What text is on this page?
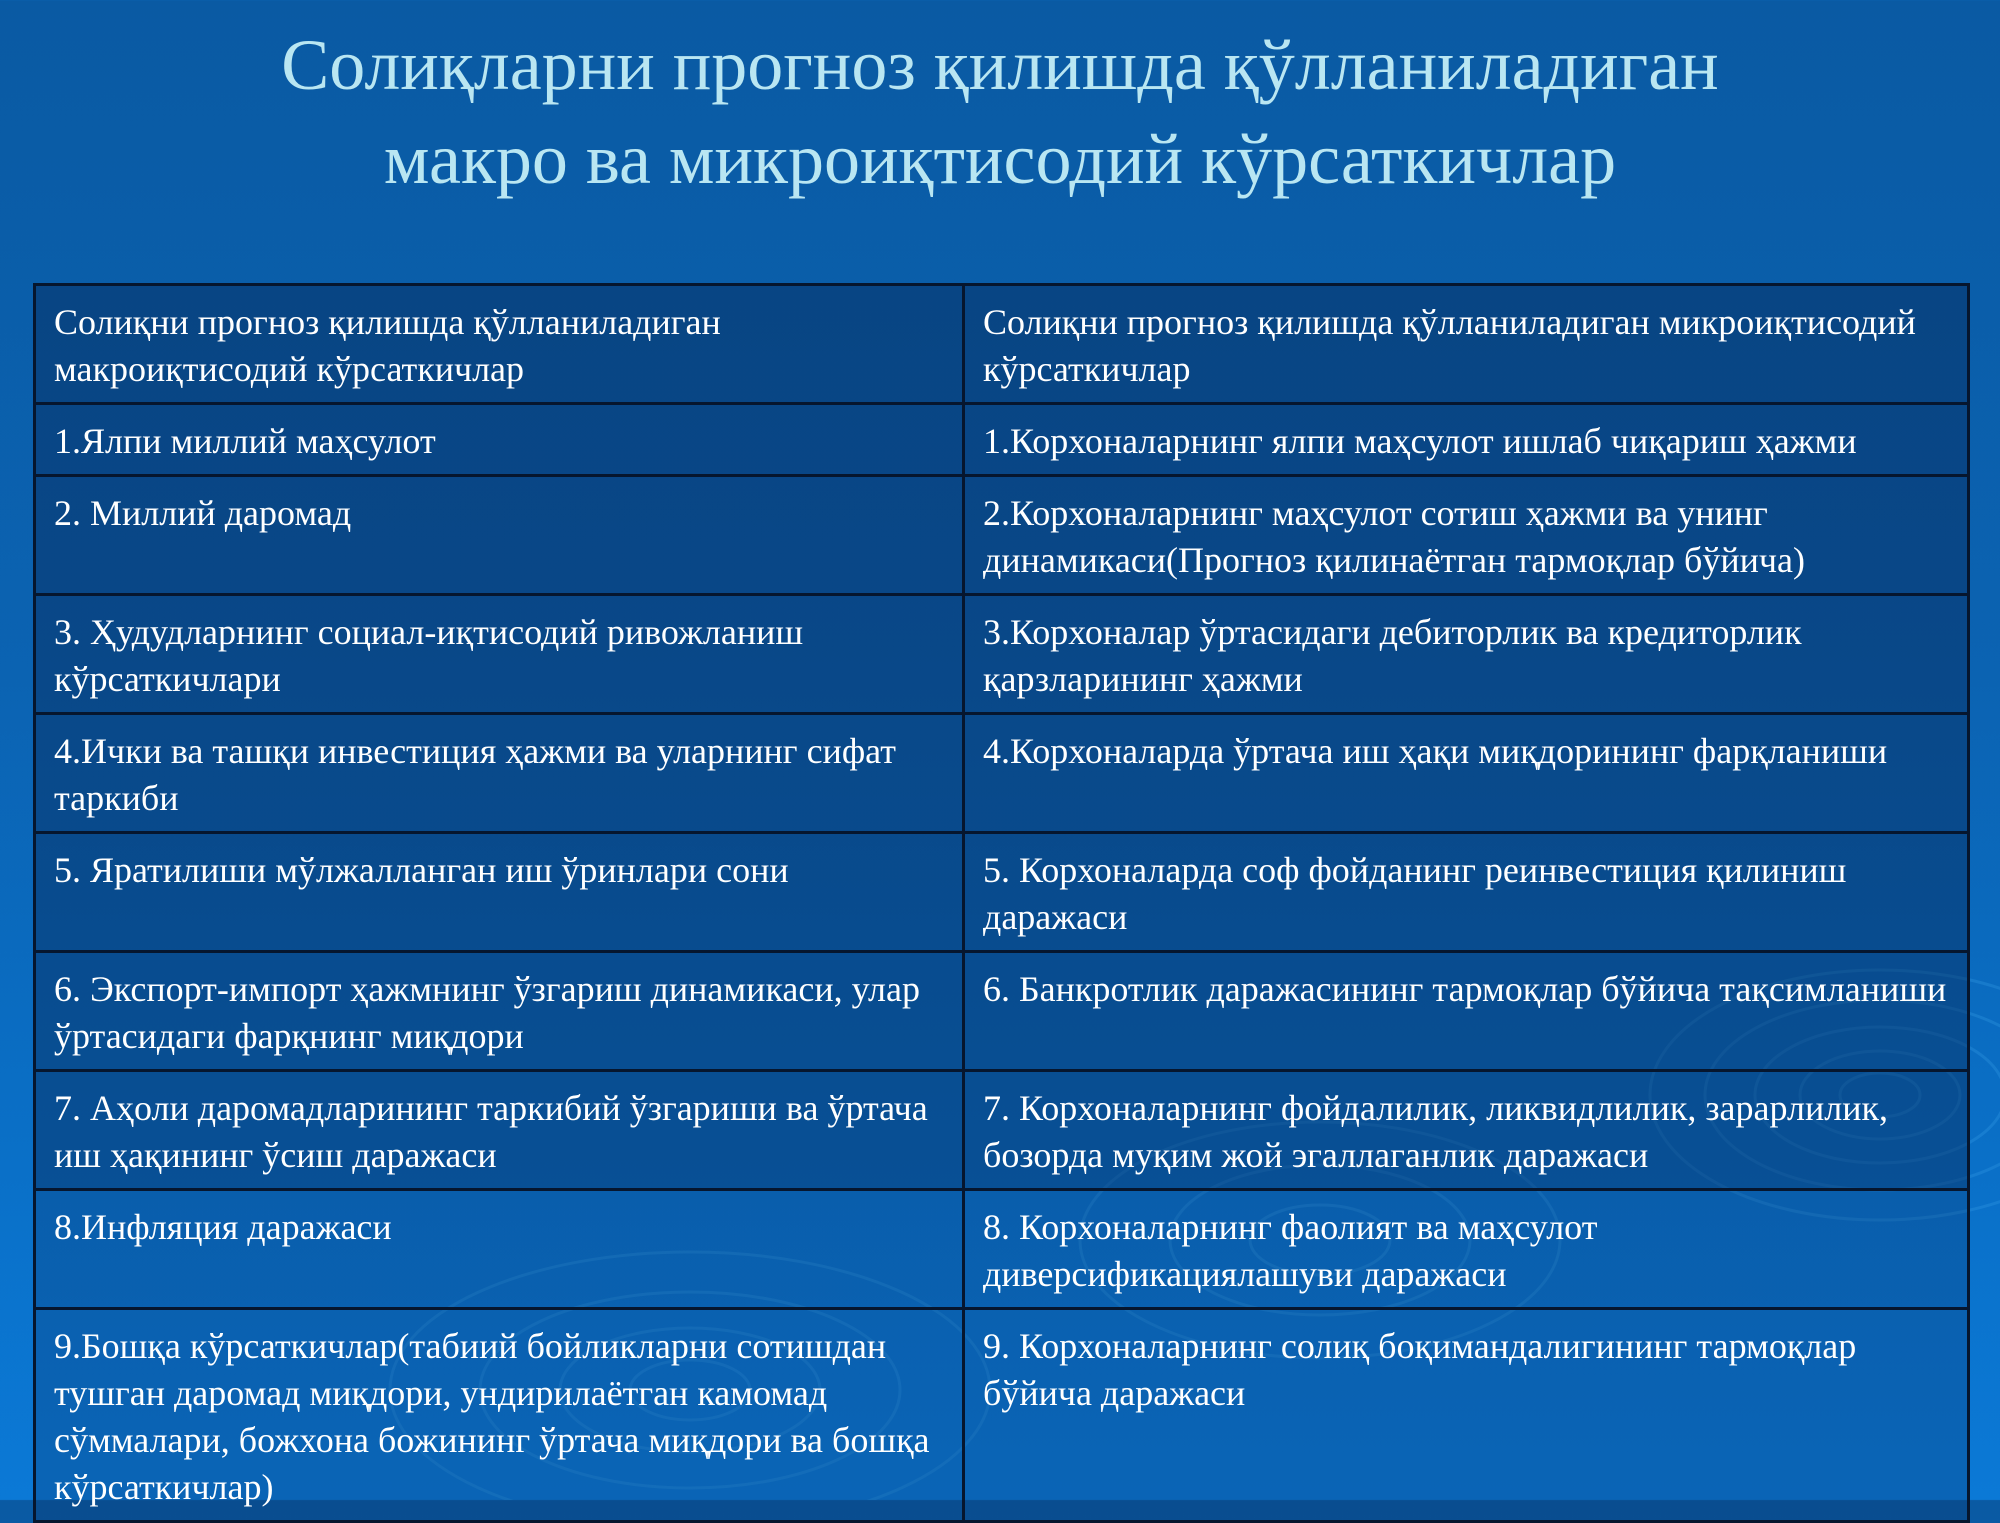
Солиқларни прогноз қилишда қўлланиладиган
макро ва микроиқтисодий кўрсаткичлар
Солиқни прогноз қилишда қўлланиладиган макроиқтисодий кўрсаткичлар	Солиқни прогноз қилишда қўлланиладиган микроиқтисодий кўрсаткичлар
1.Ялпи миллий маҳсулот	1.Корхоналарнинг ялпи маҳсулот ишлаб чиқариш ҳажми
2. Миллий даромад	2.Корхоналарнинг маҳсулот сотиш ҳажми ва унинг динамикаси(Прогноз қилинаётган тармоқлар бўйича)
3. Ҳудудларнинг социал-иқтисодий ривожланиш кўрсаткичлари	3.Корхоналар ўртасидаги дебиторлик ва кредиторлик қарзларининг ҳажми
4.Ички ва ташқи инвестиция ҳажми ва уларнинг сифат таркиби	4.Корхоналарда ўртача иш ҳақи миқдорининг фарқланиши
5. Яратилиши мўлжалланган иш ўринлари сони	5. Корхоналарда соф фойданинг реинвестиция қилиниш даражаси
6. Экспорт-импорт ҳажмнинг ўзгариш динамикаси, улар ўртасидаги фарқнинг миқдори	6. Банкротлик даражасининг тармоқлар бўйича тақсимланиши
7. Аҳоли даромадларининг таркибий ўзгариши ва ўртача иш ҳақининг ўсиш даражаси	7. Корхоналарнинг фойдалилик, ликвидлилик, зарарлилик, бозорда муқим жой эгаллаганлик даражаси
8.Инфляция даражаси	8. Корхоналарнинг фаолият ва маҳсулот диверсификациялашуви даражаси
9.Бошқа кўрсаткичлар(табиий бойликларни сотишдан тушган даромад миқдори, ундирилаётган камомад сўммалари, божхона божининг ўртача миқдори ва бошқа кўрсаткичлар)	9. Корхоналарнинг солиқ боқимандалигининг тармоқлар бўйича даражаси
